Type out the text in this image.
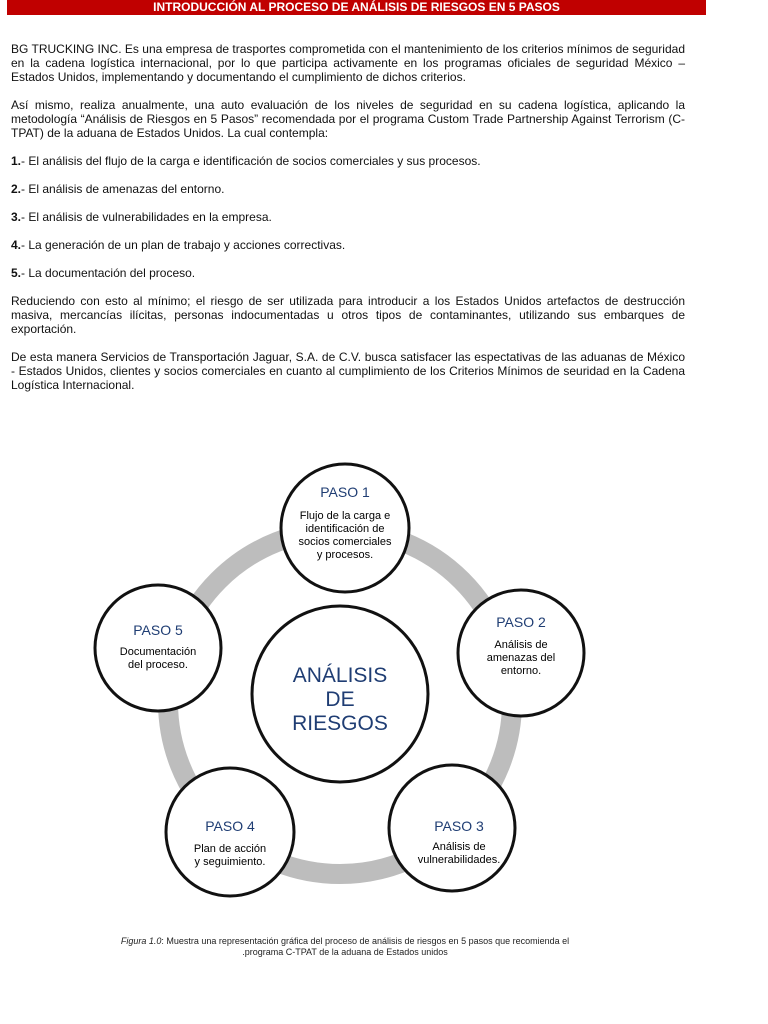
INTRODUCCIÓN AL PROCESO DE ANÁLISIS DE RIESGOS EN 5 PASOS

BG TRUCKING INC. Es una empresa de trasportes comprometida con el mantenimiento de los criterios mínimos de seguridad en la cadena logística internacional, por lo que participa activamente en los programas oficiales de seguridad México – Estados Unidos, implementando y documentando el cumplimiento de dichos criterios.

Así mismo, realiza anualmente, una auto evaluación de los niveles de seguridad en su cadena logística, aplicando la metodología “Análisis de Riesgos en 5 Pasos” recomendada por el programa Custom Trade Partnership Against Terrorism (C-TPAT) de la aduana de Estados Unidos. La cual contempla:

1.- El análisis del flujo de la carga e identificación de socios comerciales y sus procesos.

2.- El análisis de amenazas del entorno.

3.- El análisis de vulnerabilidades en la empresa.

4.- La generación de un plan de trabajo y acciones correctivas.

5.- La documentación del proceso.

Reduciendo con esto al mínimo; el riesgo de ser utilizada para introducir a los Estados Unidos artefactos de destrucción masiva, mercancías ilícitas, personas indocumentadas u otros tipos de contaminantes, utilizando sus embarques de exportación.

De esta manera Servicios de Transportación Jaguar, S.A. de C.V. busca satisfacer las espectativas de las aduanas de México - Estados Unidos, clientes y socios comerciales en cuanto al cumplimiento de los Criterios Mínimos de seuridad en la Cadena Logística Internacional.

ANÁLISIS
DE
RIESGOS
PASO 1
Flujo de la carga e
identificación de
socios comerciales
y procesos.
PASO 2
Análisis de
amenazas del
entorno.
PASO 3
Análisis de
vulnerabilidades.
PASO 4
Plan de acción
y seguimiento.
PASO 5
Documentación
del proceso.
Figura 1.0: Muestra una representación gráfica del proceso de análisis de riesgos en 5 pasos que recomienda el .programa C-TPAT de la aduana de Estados unidos
